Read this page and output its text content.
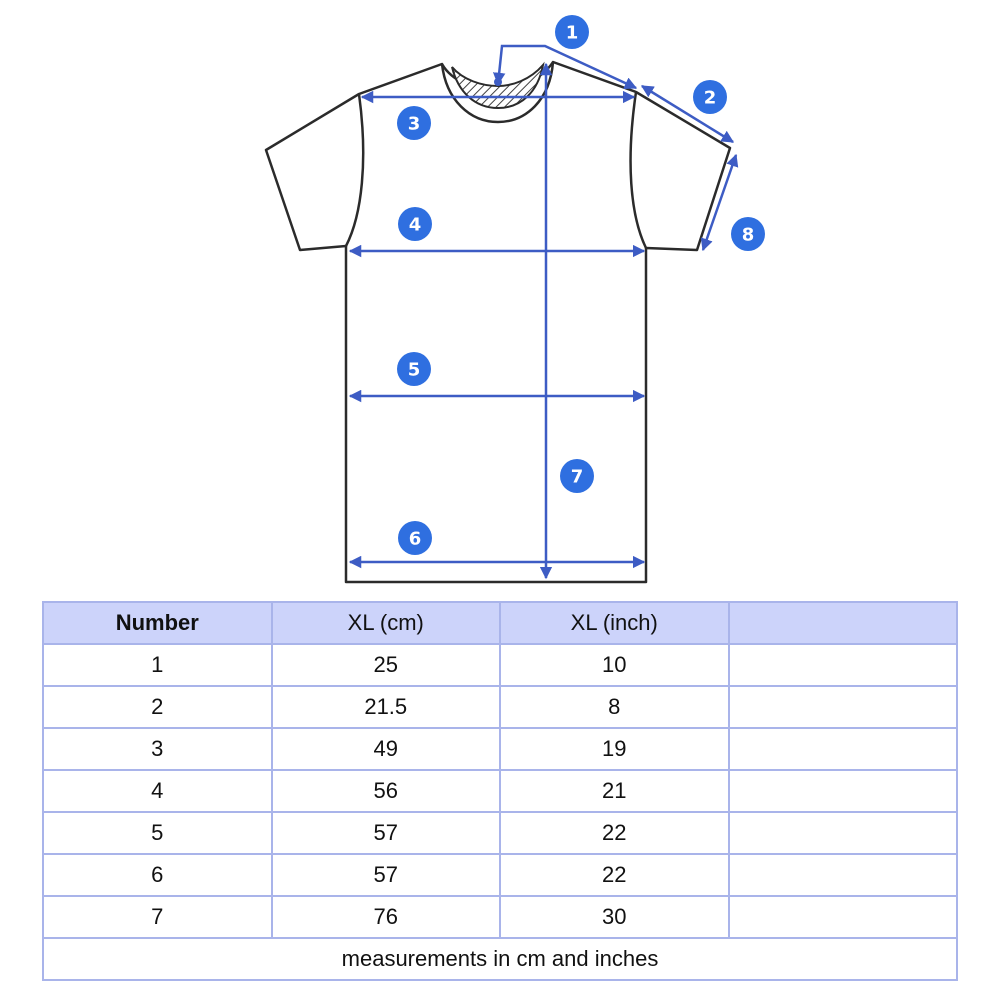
1
2
3
4
5
6
7
8
Number	XL (cm)	XL (inch)	
1	25	10	
2	21.5	8	
3	49	19	
4	56	21	
5	57	22	
6	57	22	
7	76	30	
measurements in cm and inches			
